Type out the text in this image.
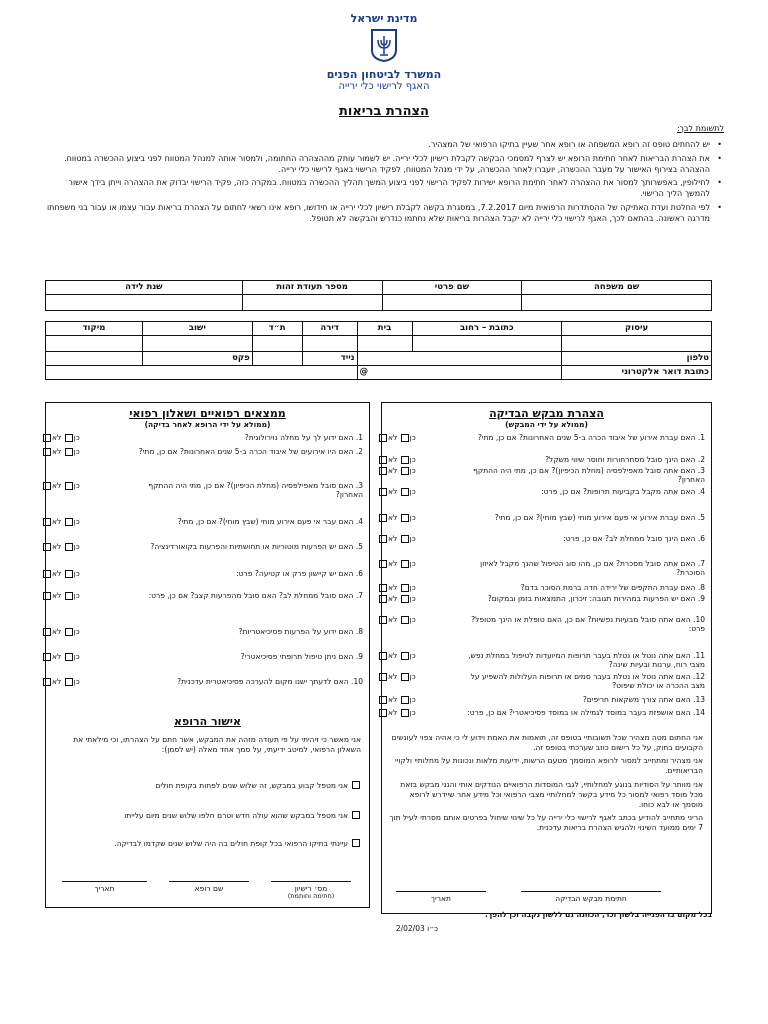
מדינת ישראל
המשרד לביטחון הפנים
האגף לרישוי כלי ירייה
הצהרת בריאות
לתשומת לבך:
• יש להחתים טופס זה רופא המשפחה או רופא אחר שעיין בתיקו הרפואי של המצהיר.
• את הצהרת הבריאות לאחר חתימת הרופא יש לצרף למסמכי הבקשה לקבלת רישיון לכלי ירייה. יש לשמור עותק מההצהרה החתומה, ולמסור אותה למנהל המטווח לפני ביצוע ההכשרה במטווח. ההצהרה בצירוף האישור על מעבר ההכשרה, יועברו לאחר ההכשרה, על ידי מנהל המטווח, לפקיד הרישוי באגף לרישוי כלי ירייה.
• לחילופין, באפשרותך למסור את ההצהרה לאחר חתימת הרופא ישירות לפקיד הרישוי לפני ביצוע המשך תהליך ההכשרה במטווח. במקרה כזה, פקיד הרישוי יבדוק את ההצהרה וייתן בידך אישור להמשך הליך הרישוי.
• לפי החלטת ועדת האתיקה של ההסתדרות הרפואית מיום 7.2.2017, במסגרת בקשה לקבלת רישיון לכלי ירייה או חידושו, רופא אינו רשאי לחתום על הצהרת בריאות עבור עצמו או עבור בני משפחתו מדרגה ראשונה. בהתאם לכך, האגף לרישוי כלי ירייה לא יקבל הצהרות בריאות שלא נחתמו כנדרש והבקשה לא תטופל.
שם משפחה	שם פרטי	מספר תעודת זהות	שנת לידה

עיסוק	כתובת – רחוב	בית	דירה	ת״ד	ישוב	מיקוד

טלפון			נייד		פקס	
כתובת דואר אלקטרוני	@					
הצהרת מבקש הבדיקה
(ממולא על ידי המבקש)
1. האם עברת אירוע של איבוד הכרה ב-5 שנים האחרונות? אם כן, מתי?
כן לא
2. האם הינך סובל מסחרחורות וחוסר שיווי משקל?
כן לא
3. האם אתה סובל מאפילפסיה (מחלת הכיפיון)? אם כן, מתי היה ההתקף האחרון?
כן לא
4. האם אתה מקבל בקביעות תרופות? אם כן, פרט:
כן לא
5. האם עברת אירוע אי פעם אירוע מוחי (שבץ מוחי)? אם כן, מתי?
כן לא
6. האם הינך סובל ממחלת לב? אם כן, פרט:
כן לא
7. האם אתה סובל מסכרת? אם כן, מהו סוג הטיפול שהנך מקבל לאיזון הסוכרת?
כן לא
8. האם עברת התקפים של ירידה חדה ברמת הסוכר בדם?
כן לא
9. האם יש הפרעות במהירות תגובה: זיכרון, התמצאות בזמן ובמקום?
כן לא
10. האם אתה סובל מבעיות נפשיות? אם כן, האם טופלת או הינך מטופל? פרט:
כן לא
11. האם אתה נוטל או נטלת בעבר תרופות המיועדות לטיפול במחלת נפש, מצבי רוח, ערנות ובעיות שינה?
כן לא
12. האם אתה נוטל או נטלת בעבר סמים או תרופות העלולות להשפיע על מצב ההכרה או יכולת שיפוט?
כן לא
13. האם אתה צורך משקאות חריפים?
כן לא
14. האם אושפזת בעבר במוסד לגמילה או במוסד פסיכיאטרי? אם כן, פרט:
כן לא

אני החתום מטה מצהיר שכל תשובותיי בטופס זה, תואמות את האמת וידוע לי כי אהיה צפוי לעונשים הקבועים בחוק, על כל רישום כוזב שערכתי בטופס זה.

אני מצהיר ומתחייב למסור לרופא המוסמך מטעם הרשות, ידיעות מלאות ונכונות על מחלותיי ולקויי הבריאותיים.

אני מוותר על הסודיות בנוגע למחלותיי, לגבי המוסדות הרפואיים הנודקים אותי והנני מבקש בזאת מכל מוסד רפואי למסור כל מידע בקשר למחלותיי מצבי הרפואי וכל מידע אחר שיידרש לרופא מוסמך או לבא כוחו.

הריני מתחייב להודיע בכתב לאגף לרישוי כלי ירייה על כל שינוי שיחול בפרטים אותם מסרתי לעיל תוך 7 ימים ממועד השינוי ולהגיש הצהרת בריאות עדכנית.

חתימת מבקש הבדיקה
תאריך
ממצאים רפואיים ושאלון רפואי
(ממולא על ידי הרופא לאחר בדיקה)
1. האם ידוע לך על מחלה נוירולוגית?
כן לא
2. האם היו אירועים של איבוד הכרה ב-5 שנים האחרונות? אם כן, מתי?
כן לא
3. האם סובל מאפילפסיה (מחלת הכיפיון)? אם כן, מתי היה ההתקף האחרון?
כן לא
4. האם עבר אי פעם אירוע מוחי (שבץ מוחי)? אם כן, מתי?
כן לא
5. האם יש הפרעות מוטוריות או תחושתיות והפרעות בקואורדינציה?
כן לא
6. האם יש קיישון פרק או קטיעה? פרט:
כן לא
7. האם סובל ממחלת לב? האם סובל מהפרעות קצב? אם כן, פרט:
כן לא
8. האם ידוע על הפרעות פסיכיאטריות?
כן לא
9. האם ניתן טיפול תרופתי פסיכיאטרי?
כן לא
10. האם לדעתך ישנו מקום להערכה פסיכיאטרית עדכנית?
כן לא
אישור הרופא
אני מאשר כי זיהיתי על פי תעודה מזהה את המבקש, אשר חתם על הצהרתו, וכי מילאתי את השאלון הרפואי, למיטב ידיעתי, על סמך אחד מאלה (יש לסמן):
אני מטפל קבוע במבקש, זה שלוש שנים לפחות בקופת חולים
אני מטפל במבקש שהוא עולה חדש וטרם חלפו שלוש שנים מיום עלייתו
עיינתי בתיקו הרפואי בכל קופת חולים בה היה שלוש שנים שקדמו לבדיקה.
מס׳ רישיון
(חתימה וחותמת)
שם רופא
תאריך
בכל מקום בו הפנייה בלשון זכר, הכוונה גם ללשון נקבה וכן להפך.
כ״ו 2/02/03
